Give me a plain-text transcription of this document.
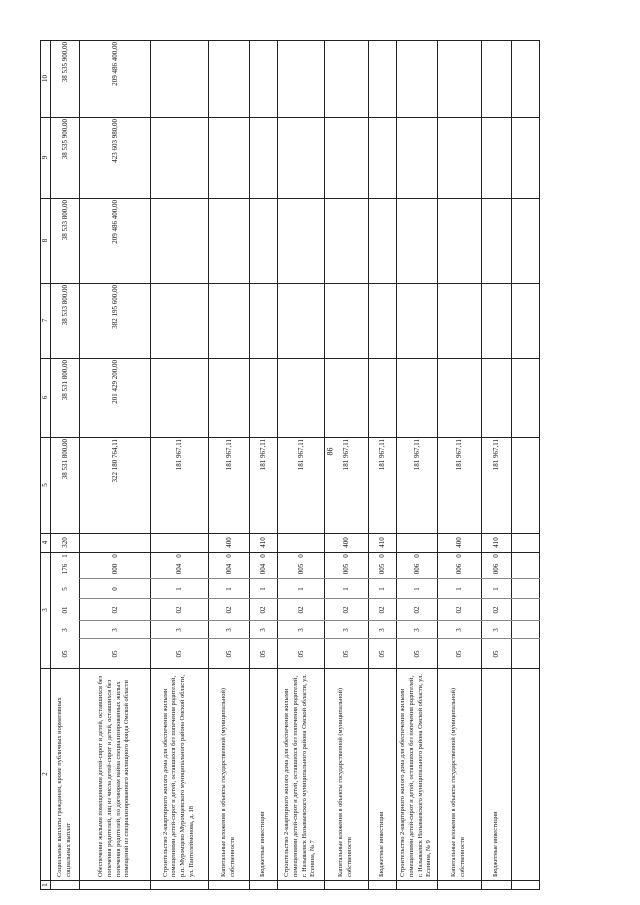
86
1
2
3
4
5
6
7
8
9
10
Социальные выплаты гражданам, кроме публичных нормативных социальных выплат
05
3
01
5
176
1
320
38 531 800,00
38 531 800,00
38 533 800,00
38 533 800,00
38 535 900,00
38 535 900,00
Обеспечение жилыми помещениями детей-сирот и детей, оставшихся без попечения родителей, лиц из числа детей-сирот и детей, оставшихся без попечения родителей, по договорам найма специализированных жилых помещений из специализированного жилищного фонда Омской области
05
3
02
0
000
0
322 180 764,11
201 429 200,00
382 195 600,00
209 486 400,00
423 603 980,00
209 486 400,00
Строительство 2-квартирного жилого дома для обеспечения жилыми помещениями детей-сирот и детей, оставшихся без попечения родителей, р.п. Муромцево Муромцевского муниципального района Омской области, ул. Пантелеймонова, д. 18
05
3
02
1
004
0
181 967,11
Капитальные вложения в объекты государственной (муниципальной) собственности
05
3
02
1
004
0
400
181 967,11
Бюджетные инвестиции
05
3
02
1
004
0
410
181 967,11
Строительство 2-квартирного жилого дома для обеспечения жилыми помещениями детей-сирот и детей, оставшихся без попечения родителей, г. Называевск Называевского муниципального района Омской области, ул. Есенина, № 7
05
3
02
1
005
0
181 967,11
Капитальные вложения в объекты государственной (муниципальной) собственности
05
3
02
1
005
0
400
181 967,11
Бюджетные инвестиции
05
3
02
1
005
0
410
181 967,11
Строительство 2-квартирного жилого дома для обеспечения жилыми помещениями детей-сирот и детей, оставшихся без попечения родителей, г. Называевск Называевского муниципального района Омской области, ул. Есенина, № 9
05
3
02
1
006
0
181 967,11
Капитальные вложения в объекты государственной (муниципальной) собственности
05
3
02
1
006
0
400
181 967,11
Бюджетные инвестиции
05
3
02
1
006
0
410
181 967,11
